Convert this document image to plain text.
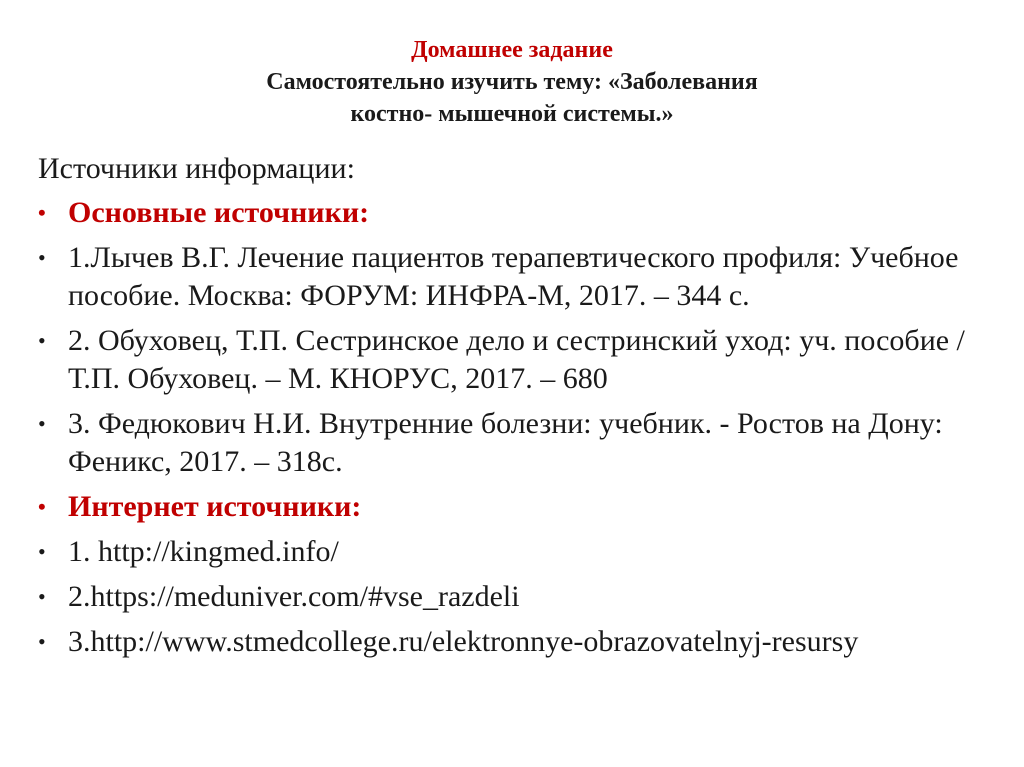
Домашнее задание
Самостоятельно изучить тему: «Заболевания
костно- мышечной системы.»
Источники информации:
• Основные источники:
• 1.Лычев В.Г. Лечение пациентов терапевтического профиля: Учебное пособие. Москва: ФОРУМ: ИНФРА-М, 2017. – 344 с.
• 2. Обуховец, Т.П. Сестринское дело и сестринский уход: уч. пособие / Т.П. Обуховец. – М. КНОРУС, 2017. – 680
• 3. Федюкович Н.И. Внутренние болезни: учебник. - Ростов на Дону: Феникс, 2017. – 318с.
• Интернет источники:
• 1. http://kingmed.info/
• 2.https://meduniver.com/#vse_razdeli
• 3.http://www.stmedcollege.ru/elektronnye-obrazovatelnyj-resursy
